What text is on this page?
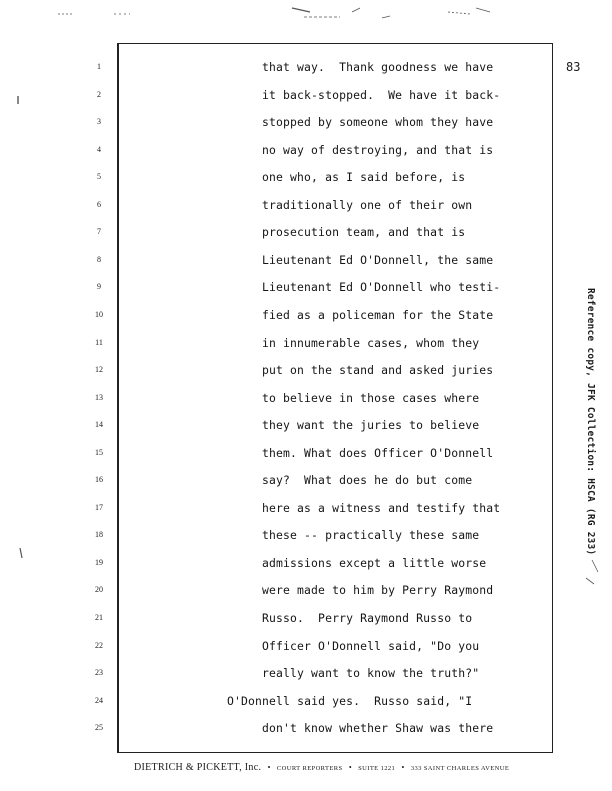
83
1	that way.  Thank goodness we have
2	it back-stopped.  We have it back-
3	stopped by someone whom they have
4	no way of destroying, and that is
5	one who, as I said before, is
6	traditionally one of their own
7	prosecution team, and that is
8	Lieutenant Ed O'Donnell, the same
9	Lieutenant Ed O'Donnell who testi-
10	fied as a policeman for the State
11	in innumerable cases, whom they
12	put on the stand and asked juries
13	to believe in those cases where
14	they want the juries to believe
15	them. What does Officer O'Donnell
16	say?  What does he do but come
17	here as a witness and testify that
18	these -- practically these same
19	admissions except a little worse
20	were made to him by Perry Raymond
21	Russo.  Perry Raymond Russo to
22	Officer O'Donnell said, "Do you
23	really want to know the truth?"
24	O'Donnell said yes.  Russo said, "I
25	don't know whether Shaw was there
DIETRICH & PICKETT, Inc. • COURT REPORTERS • SUITE 1221 • 333 SAINT CHARLES AVENUE
Reference copy, JFK Collection: HSCA (RG 233)
